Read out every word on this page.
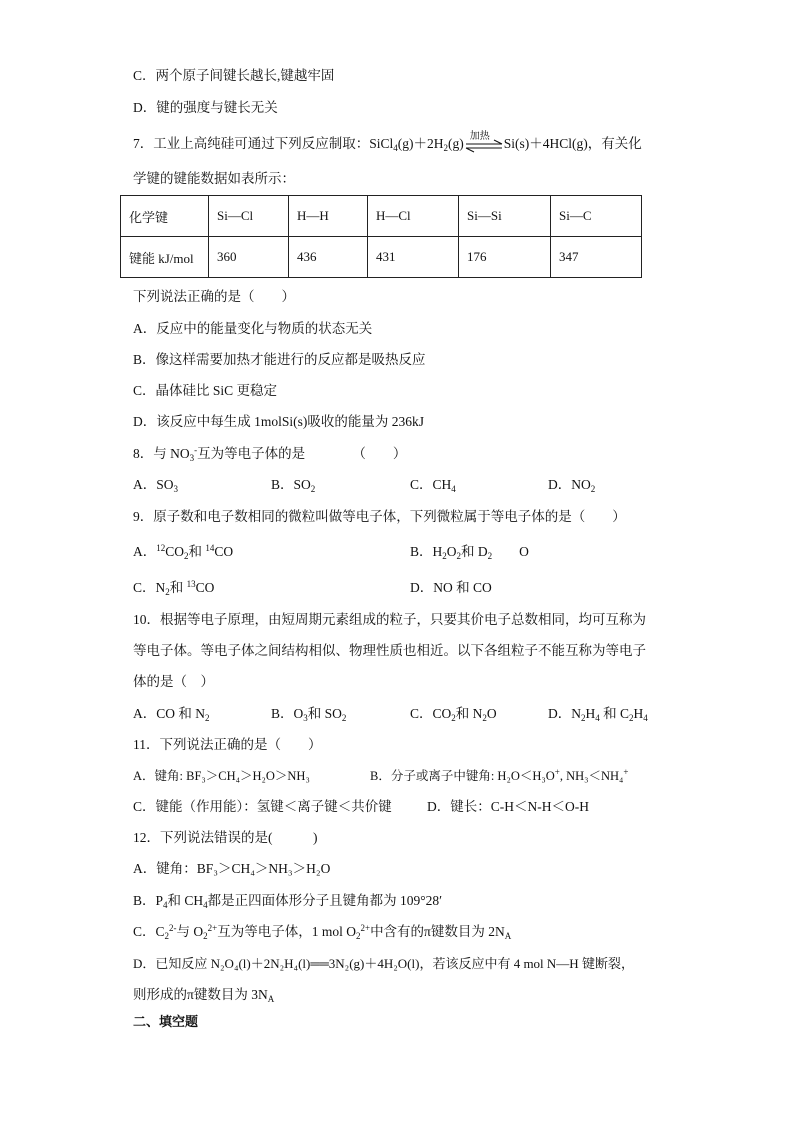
C．两个原子间键长越长,键越牢固
D．键的强度与键长无关
7．工业上高纯硅可通过下列反应制取：$SiCl_4(g)+2H_2(g)$ 加热 Si(s)＋4HCl(g)，有关化
学键的键能数据如表所示：
化学键	Si—Cl	H—H	H—Cl	Si—Si	Si—C
键能 kJ/mol	360	436	431	176	347
下列说法正确的是（　　）
A．反应中的能量变化与物质的状态无关
B．像这样需要加热才能进行的反应都是吸热反应
C．晶体硅比 SiC 更稳定
D．该反应中每生成 1molSi(s)吸收的能量为 236kJ
8．与 $NO_3^-$互为等电子体的是　　　　（　　）
A．$SO_3$	B．$SO_2$	C．$CH_4$	D．$NO_2$
9．原子数和电子数相同的微粒叫做等电子体，下列微粒属于等电子体的是（　　）
A．$^{12}CO_2$和 $^{14}$CO	B．$H_2O_2$和 $D_2$　　O
C．$N_2$和 $^{13}$CO	D．NO 和 CO
10．根据等电子原理，由短周期元素组成的粒子，只要其价电子总数相同，均可互称为
等电子体。等电子体之间结构相似、物理性质也相近。以下各组粒子不能互称为等电子
体的是（　）
A．CO 和 $N_2$	B．$O_3$和 $SO_2$	C．$CO_2$和 $N_2O$	D．$N_2H_4$ 和 $C_2H_4$
11．下列说法正确的是（　　）
A．键角: BF₃＞CH₄＞H₂O＞NH₃	B．分子或离子中键角: H₂O＜H₃O+, NH₃＜NH₄+
C．键能（作用能）：氢键＜离子键＜共价键	D．键长：C-H＜N-H＜O-H
12．下列说法错误的是(　　　)
A．键角：BF₃＞CH₄＞NH₃＞H₂O
B．$P_4$和 $CH_4$都是正四面体形分子且键角都为 109°28′
C．$C_2^{2-}$与 $O_2^{2+}$互为等电子体，1 mol $O_2^{2+}$中含有的π键数目为 $2N_A$
D．已知反应 N₂O₄(l)＋2N₂H₄(l)══3N₂(g)＋4H₂O(l)，若该反应中有 4 mol N—H 键断裂，
则形成的π键数目为 $3N_A$
二、填空题
